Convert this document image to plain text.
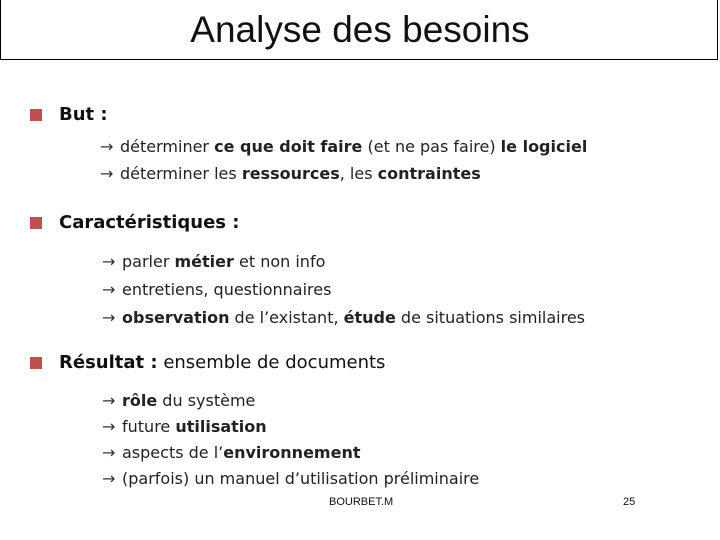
Analyse des besoins
But :
→ déterminer ce que doit faire (et ne pas faire) le logiciel
→ déterminer les ressources, les contraintes
Caractéristiques :
→ parler métier et non info
→ entretiens, questionnaires
→ observation de l’existant, étude de situations similaires
Résultat : ensemble de documents
→ rôle du système
→ future utilisation
→ aspects de l’environnement
→ (parfois) un manuel d’utilisation préliminaire
BOURBET.M	25
